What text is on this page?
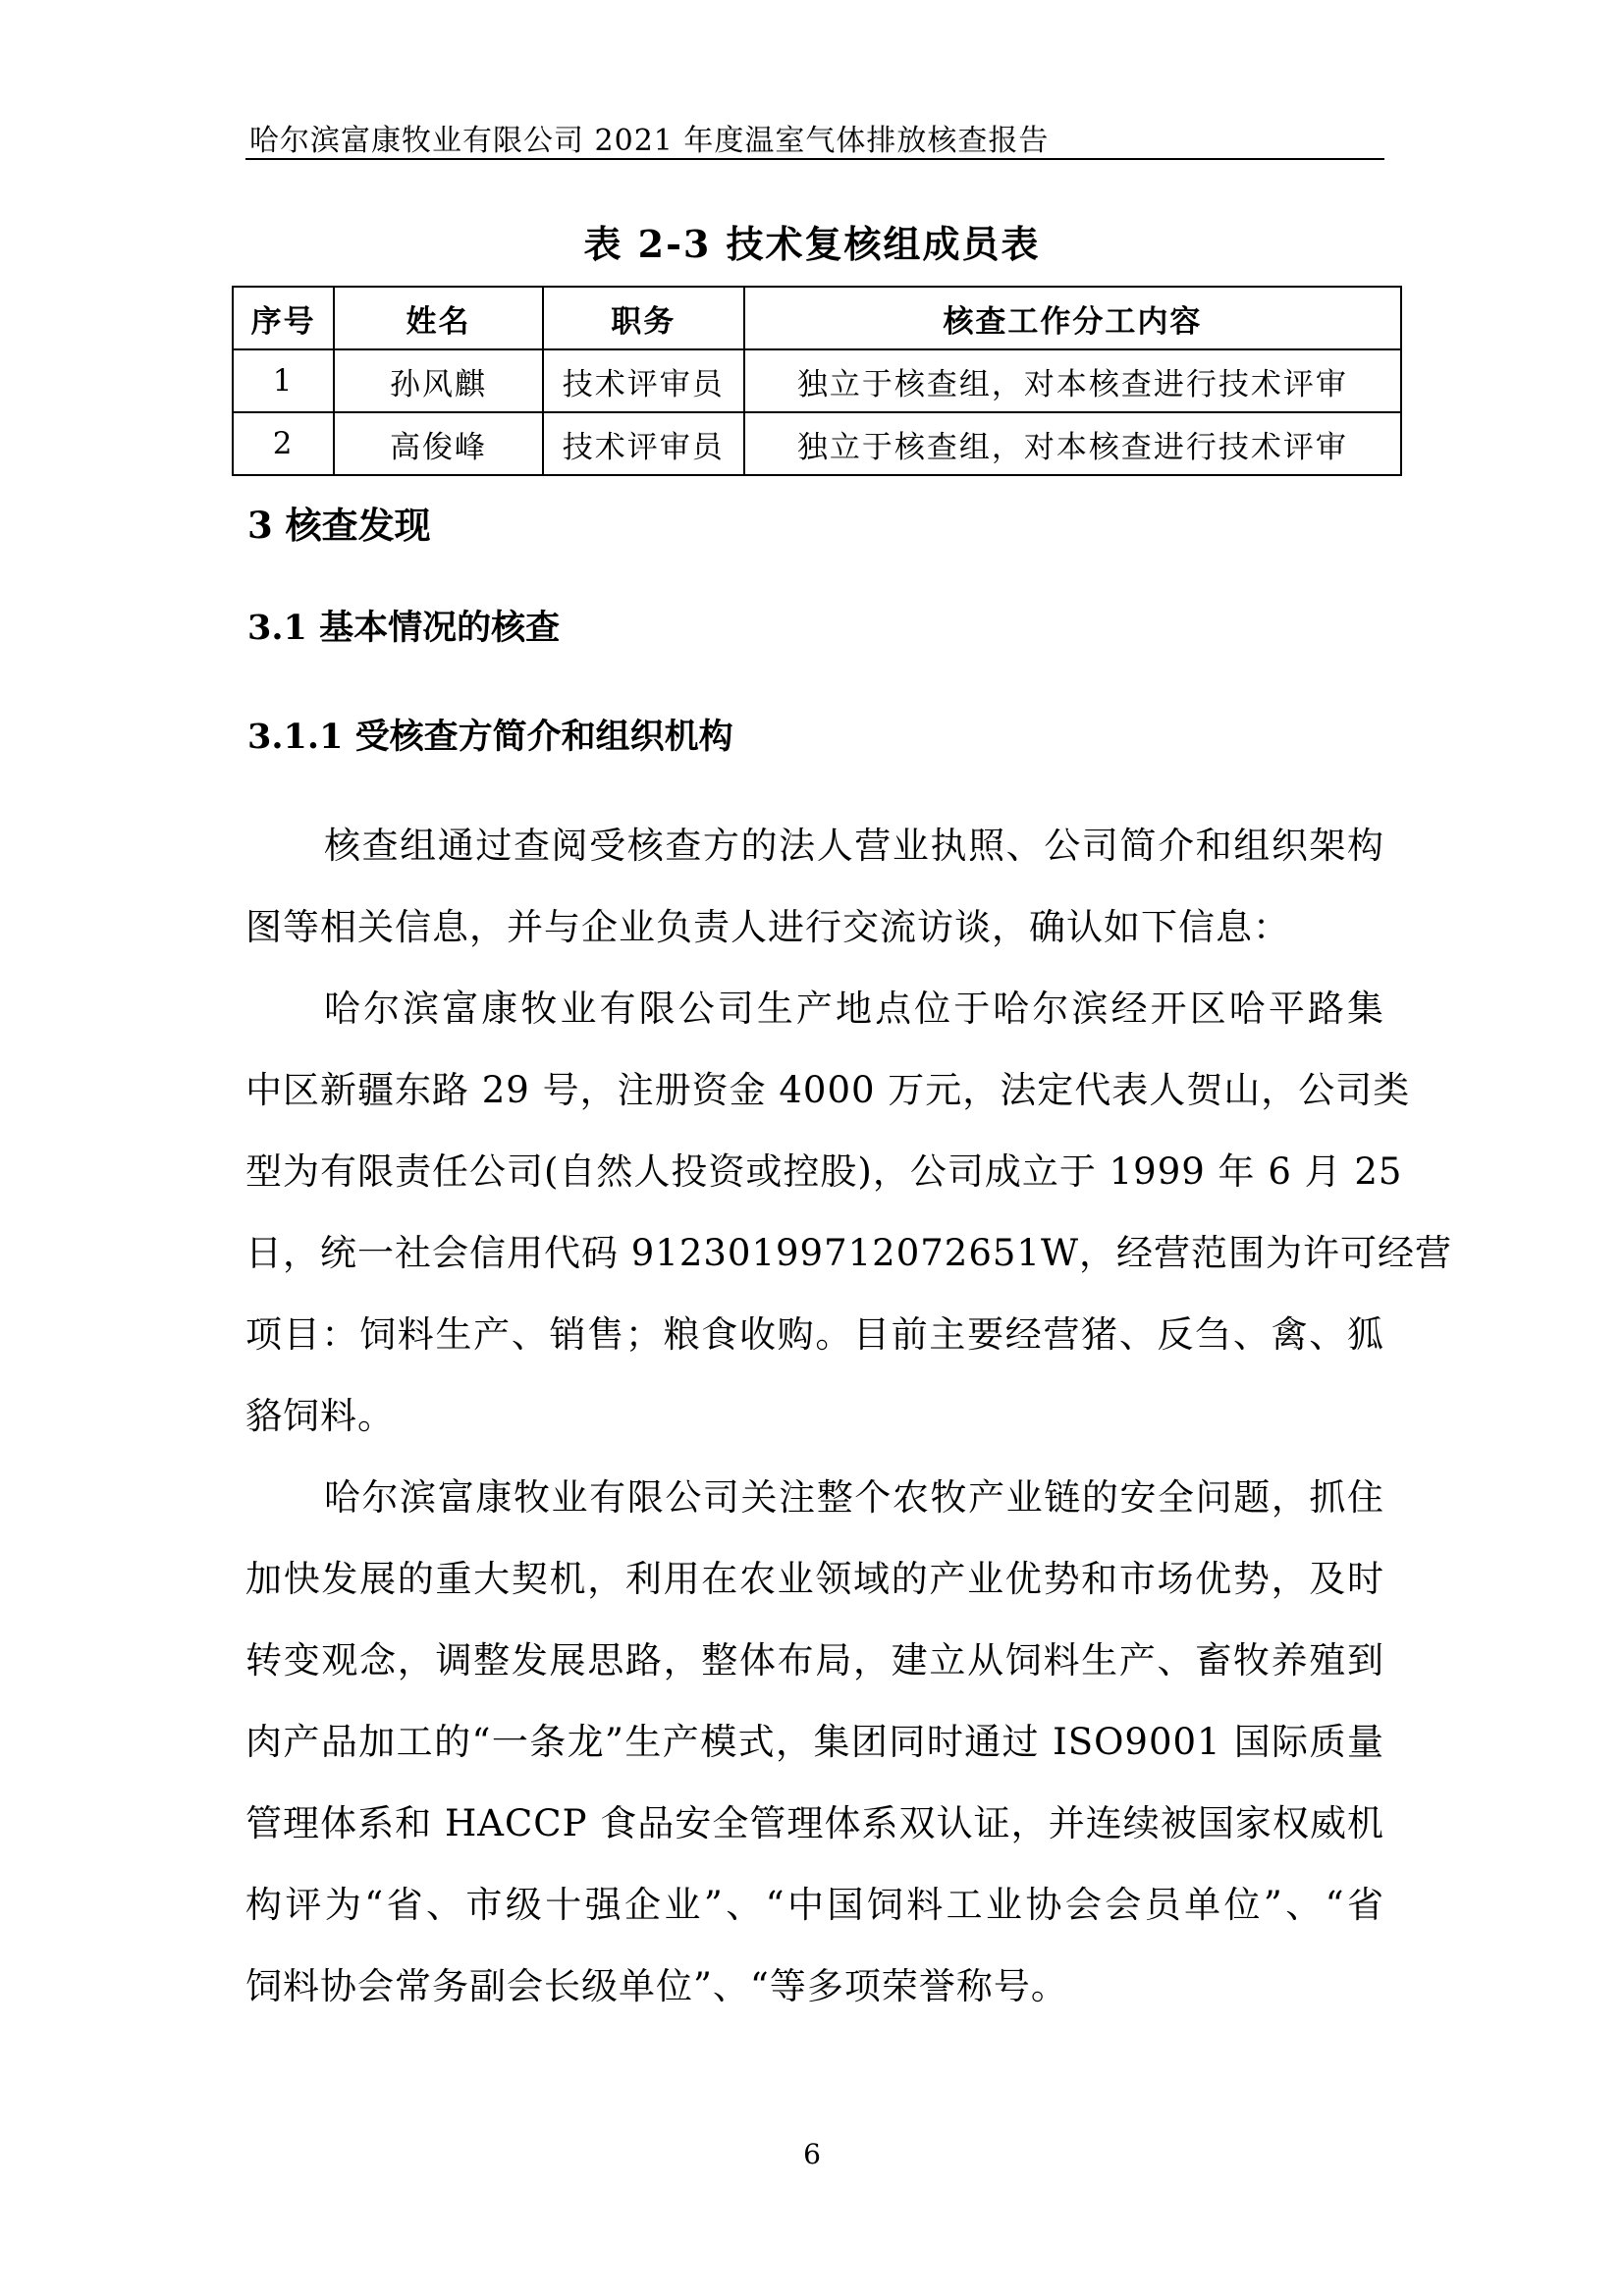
哈尔滨富康牧业有限公司 2021 年度温室气体排放核查报告
表 2-3 技术复核组成员表
序号	姓名	职务	核查工作分工内容
1	孙风麒	技术评审员	独立于核查组，对本核查进行技术评审
2	高俊峰	技术评审员	独立于核查组，对本核查进行技术评审
3 核查发现
3.1 基本情况的核查
3.1.1 受核查方简介和组织机构
核查组通过查阅受核查方的法人营业执照、公司简介和组织架构
图等相关信息，并与企业负责人进行交流访谈，确认如下信息：
哈尔滨富康牧业有限公司生产地点位于哈尔滨经开区哈平路集
中区新疆东路 29 号，注册资金 4000 万元，法定代表人贺山，公司类
型为有限责任公司(自然人投资或控股)，公司成立于 1999 年 6 月 25
日，统一社会信用代码 91230199712072651W，经营范围为许可经营
项目：饲料生产、销售；粮食收购。目前主要经营猪、反刍、禽、狐
貉饲料。
哈尔滨富康牧业有限公司关注整个农牧产业链的安全问题，抓住
加快发展的重大契机，利用在农业领域的产业优势和市场优势，及时
转变观念，调整发展思路，整体布局，建立从饲料生产、畜牧养殖到
肉产品加工的“一条龙”生产模式，集团同时通过 ISO9001 国际质量
管理体系和 HACCP 食品安全管理体系双认证，并连续被国家权威机
构评为“省、市级十强企业”、“中国饲料工业协会会员单位”、“省
饲料协会常务副会长级单位”、“等多项荣誉称号。
6
